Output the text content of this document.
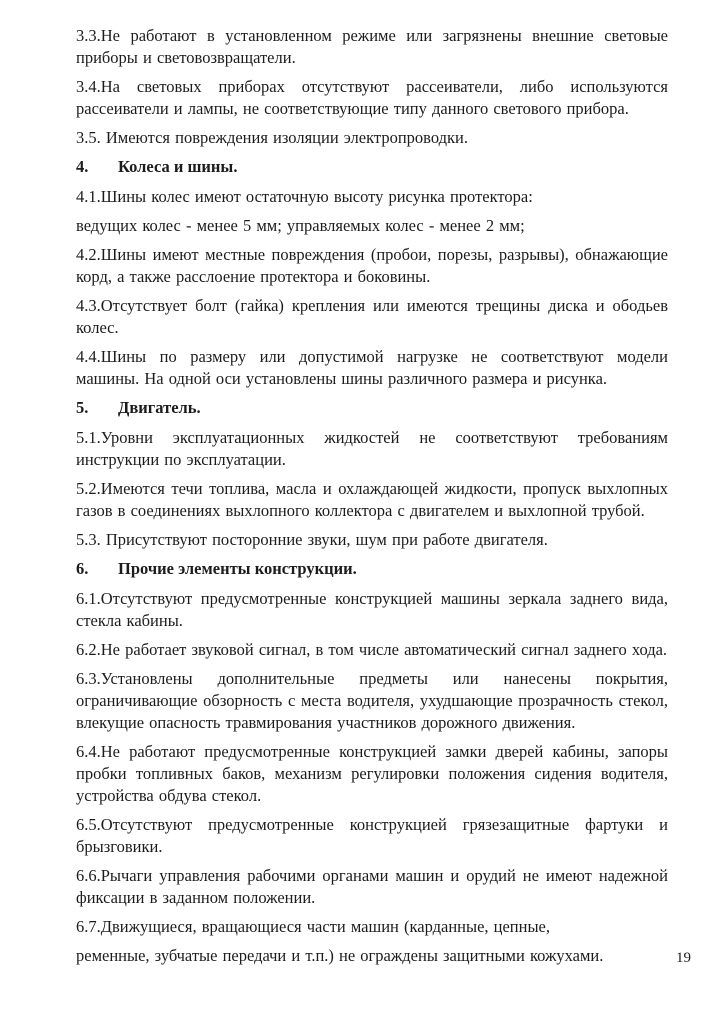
3.3.Не работают в установленном режиме или загрязнены внешние световые приборы и световозвращатели.

3.4.На световых приборах отсутствуют рассеиватели, либо используются рассеиватели и лампы, не соответствующие типу данного светового прибора.

3.5. Имеются повреждения изоляции электропроводки.

4. Колеса и шины.

4.1.Шины колес имеют остаточную высоту рисунка протектора:

ведущих колес - менее 5 мм; управляемых колес - менее 2 мм;

4.2.Шины имеют местные повреждения (пробои, порезы, разрывы), обнажающие корд, а также расслоение протектора и боковины.

4.3.Отсутствует болт (гайка) крепления или имеются трещины диска и ободьев колес.

4.4.Шины по размеру или допустимой нагрузке не соответствуют модели машины. На одной оси установлены шины различного размера и рисунка.

5. Двигатель.

5.1.Уровни эксплуатационных жидкостей не соответствуют требованиям инструкции по эксплуатации.

5.2.Имеются течи топлива, масла и охлаждающей жидкости, пропуск выхлопных газов в соединениях выхлопного коллектора с двигателем и выхлопной трубой.

5.3. Присутствуют посторонние звуки, шум при работе двигателя.

6. Прочие элементы конструкции.

6.1.Отсутствуют предусмотренные конструкцией машины зеркала заднего вида, стекла кабины.

6.2.Не работает звуковой сигнал, в том числе автоматический сигнал заднего хода.

6.3.Установлены дополнительные предметы или нанесены покрытия, ограничивающие обзорность с места водителя, ухудшающие прозрачность стекол, влекущие опасность травмирования участников дорожного движения.

6.4.Не работают предусмотренные конструкцией замки дверей кабины, запоры пробки топливных баков, механизм регулировки положения сидения водителя, устройства обдува стекол.

6.5.Отсутствуют предусмотренные конструкцией грязезащитные фартуки и брызговики.

6.6.Рычаги управления рабочими органами машин и орудий не имеют надежной фиксации в заданном положении.

6.7.Движущиеся, вращающиеся части машин (карданные, цепные,

ременные, зубчатые передачи и т.п.) не ограждены защитными кожухами.	19
